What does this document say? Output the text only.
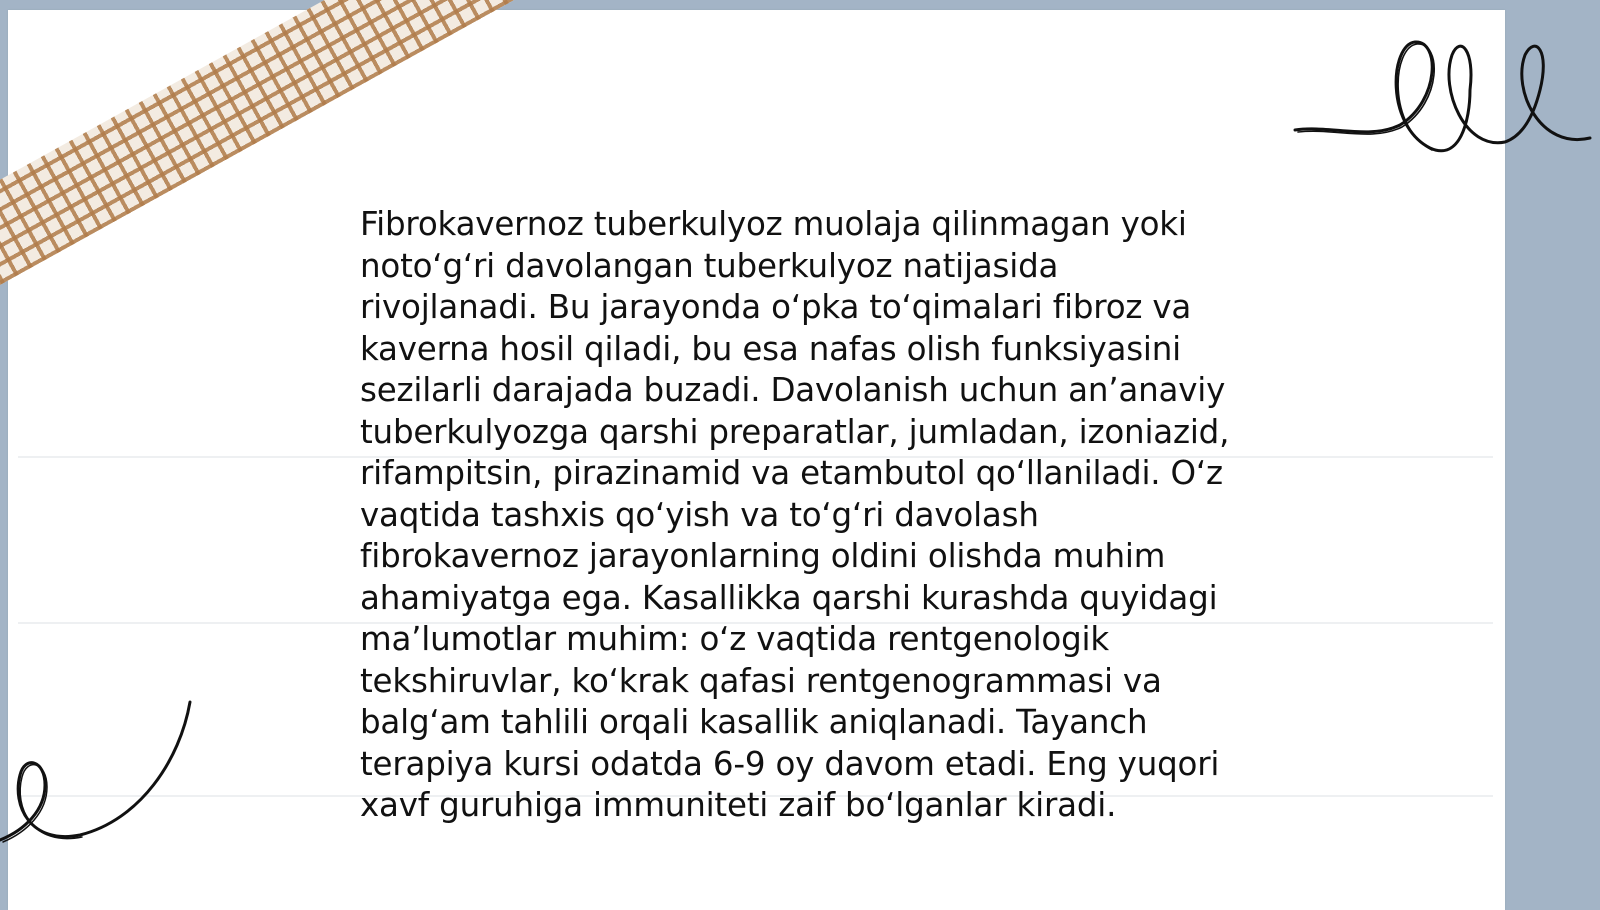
Fibrokavernoz tuberkulyoz muolaja qilinmagan yoki
noto‘g‘ri davolangan tuberkulyoz natijasida
rivojlanadi. Bu jarayonda o‘pka to‘qimalari fibroz va
kaverna hosil qiladi, bu esa nafas olish funksiyasini
sezilarli darajada buzadi. Davolanish uchun an’anaviy
tuberkulyozga qarshi preparatlar, jumladan, izoniazid,
rifampitsin, pirazinamid va etambutol qo‘llaniladi. O‘z
vaqtida tashxis qo‘yish va to‘g‘ri davolash
fibrokavernoz jarayonlarning oldini olishda muhim
ahamiyatga ega. Kasallikka qarshi kurashda quyidagi
ma’lumotlar muhim: o‘z vaqtida rentgenologik
tekshiruvlar, ko‘krak qafasi rentgenogrammasi va
balg‘am tahlili orqali kasallik aniqlanadi. Tayanch
terapiya kursi odatda 6-9 oy davom etadi. Eng yuqori
xavf guruhiga immuniteti zaif bo‘lganlar kiradi.
